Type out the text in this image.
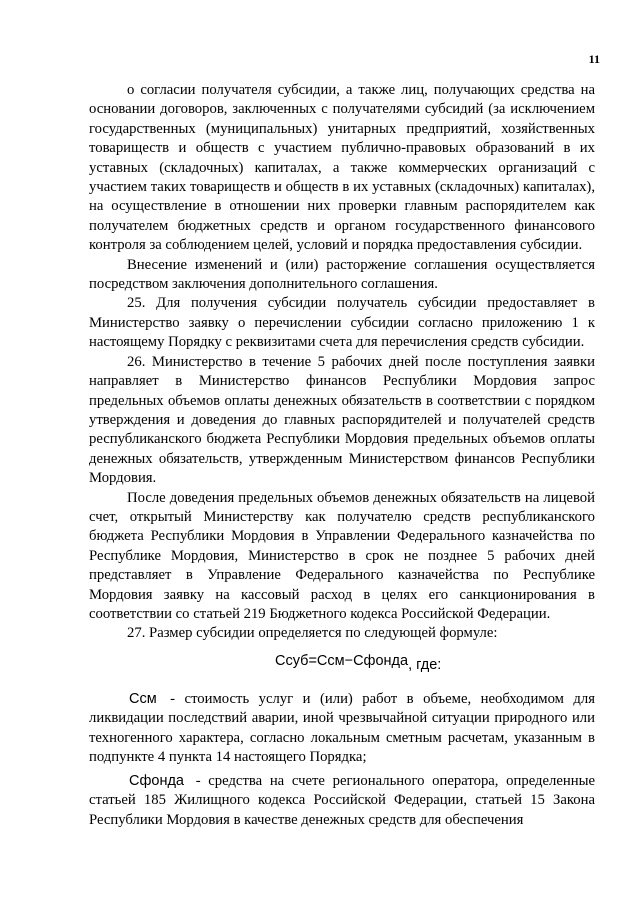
11

о согласии получателя субсидии, а также лиц, получающих средства на основании договоров, заключенных с получателями субсидий (за исключением государственных (муниципальных) унитарных предприятий, хозяйственных товариществ и обществ с участием публично-правовых образований в их уставных (складочных) капиталах, а также коммерческих организаций с участием таких товариществ и обществ в их уставных (складочных) капиталах), на осуществление в отношении них проверки главным распорядителем как получателем бюджетных средств и органом государственного финансового контроля за соблюдением целей, условий и порядка предоставления субсидии.

Внесение изменений и (или) расторжение соглашения осуществляется посредством заключения дополнительного соглашения.

25. Для получения субсидии получатель субсидии предоставляет в Министерство заявку о перечислении субсидии согласно приложению 1 к настоящему Порядку с реквизитами счета для перечисления средств субсидии.

26. Министерство в течение 5 рабочих дней после поступления заявки направляет в Министерство финансов Республики Мордовия запрос предельных объемов оплаты денежных обязательств в соответствии с порядком утверждения и доведения до главных распорядителей и получателей средств республиканского бюджета Республики Мордовия предельных объемов оплаты денежных обязательств, утвержденным Министерством финансов Республики Мордовия.

После доведения предельных объемов денежных обязательств на лицевой счет, открытый Министерству как получателю средств республиканского бюджета Республики Мордовия в Управлении Федерального казначейства по Республике Мордовия, Министерство в срок не позднее 5 рабочих дней представляет в Управление Федерального казначейства по Республике Мордовия заявку на кассовый расход в целях его санкционирования в соответствии со статьей 219 Бюджетного кодекса Российской Федерации.

27. Размер субсидии определяется по следующей формуле:

Ссуб=Сcм−Сфонда, где:

Ссм - стоимость услуг и (или) работ в объеме, необходимом для ликвидации последствий аварии, иной чрезвычайной ситуации природного или техногенного характера, согласно локальным сметным расчетам, указанным в подпункте 4 пункта 14 настоящего Порядка;

Сфонда - средства на счете регионального оператора, определенные статьей 185 Жилищного кодекса Российской Федерации, статьей 15 Закона Республики Мордовия в качестве денежных средств для обеспечения
